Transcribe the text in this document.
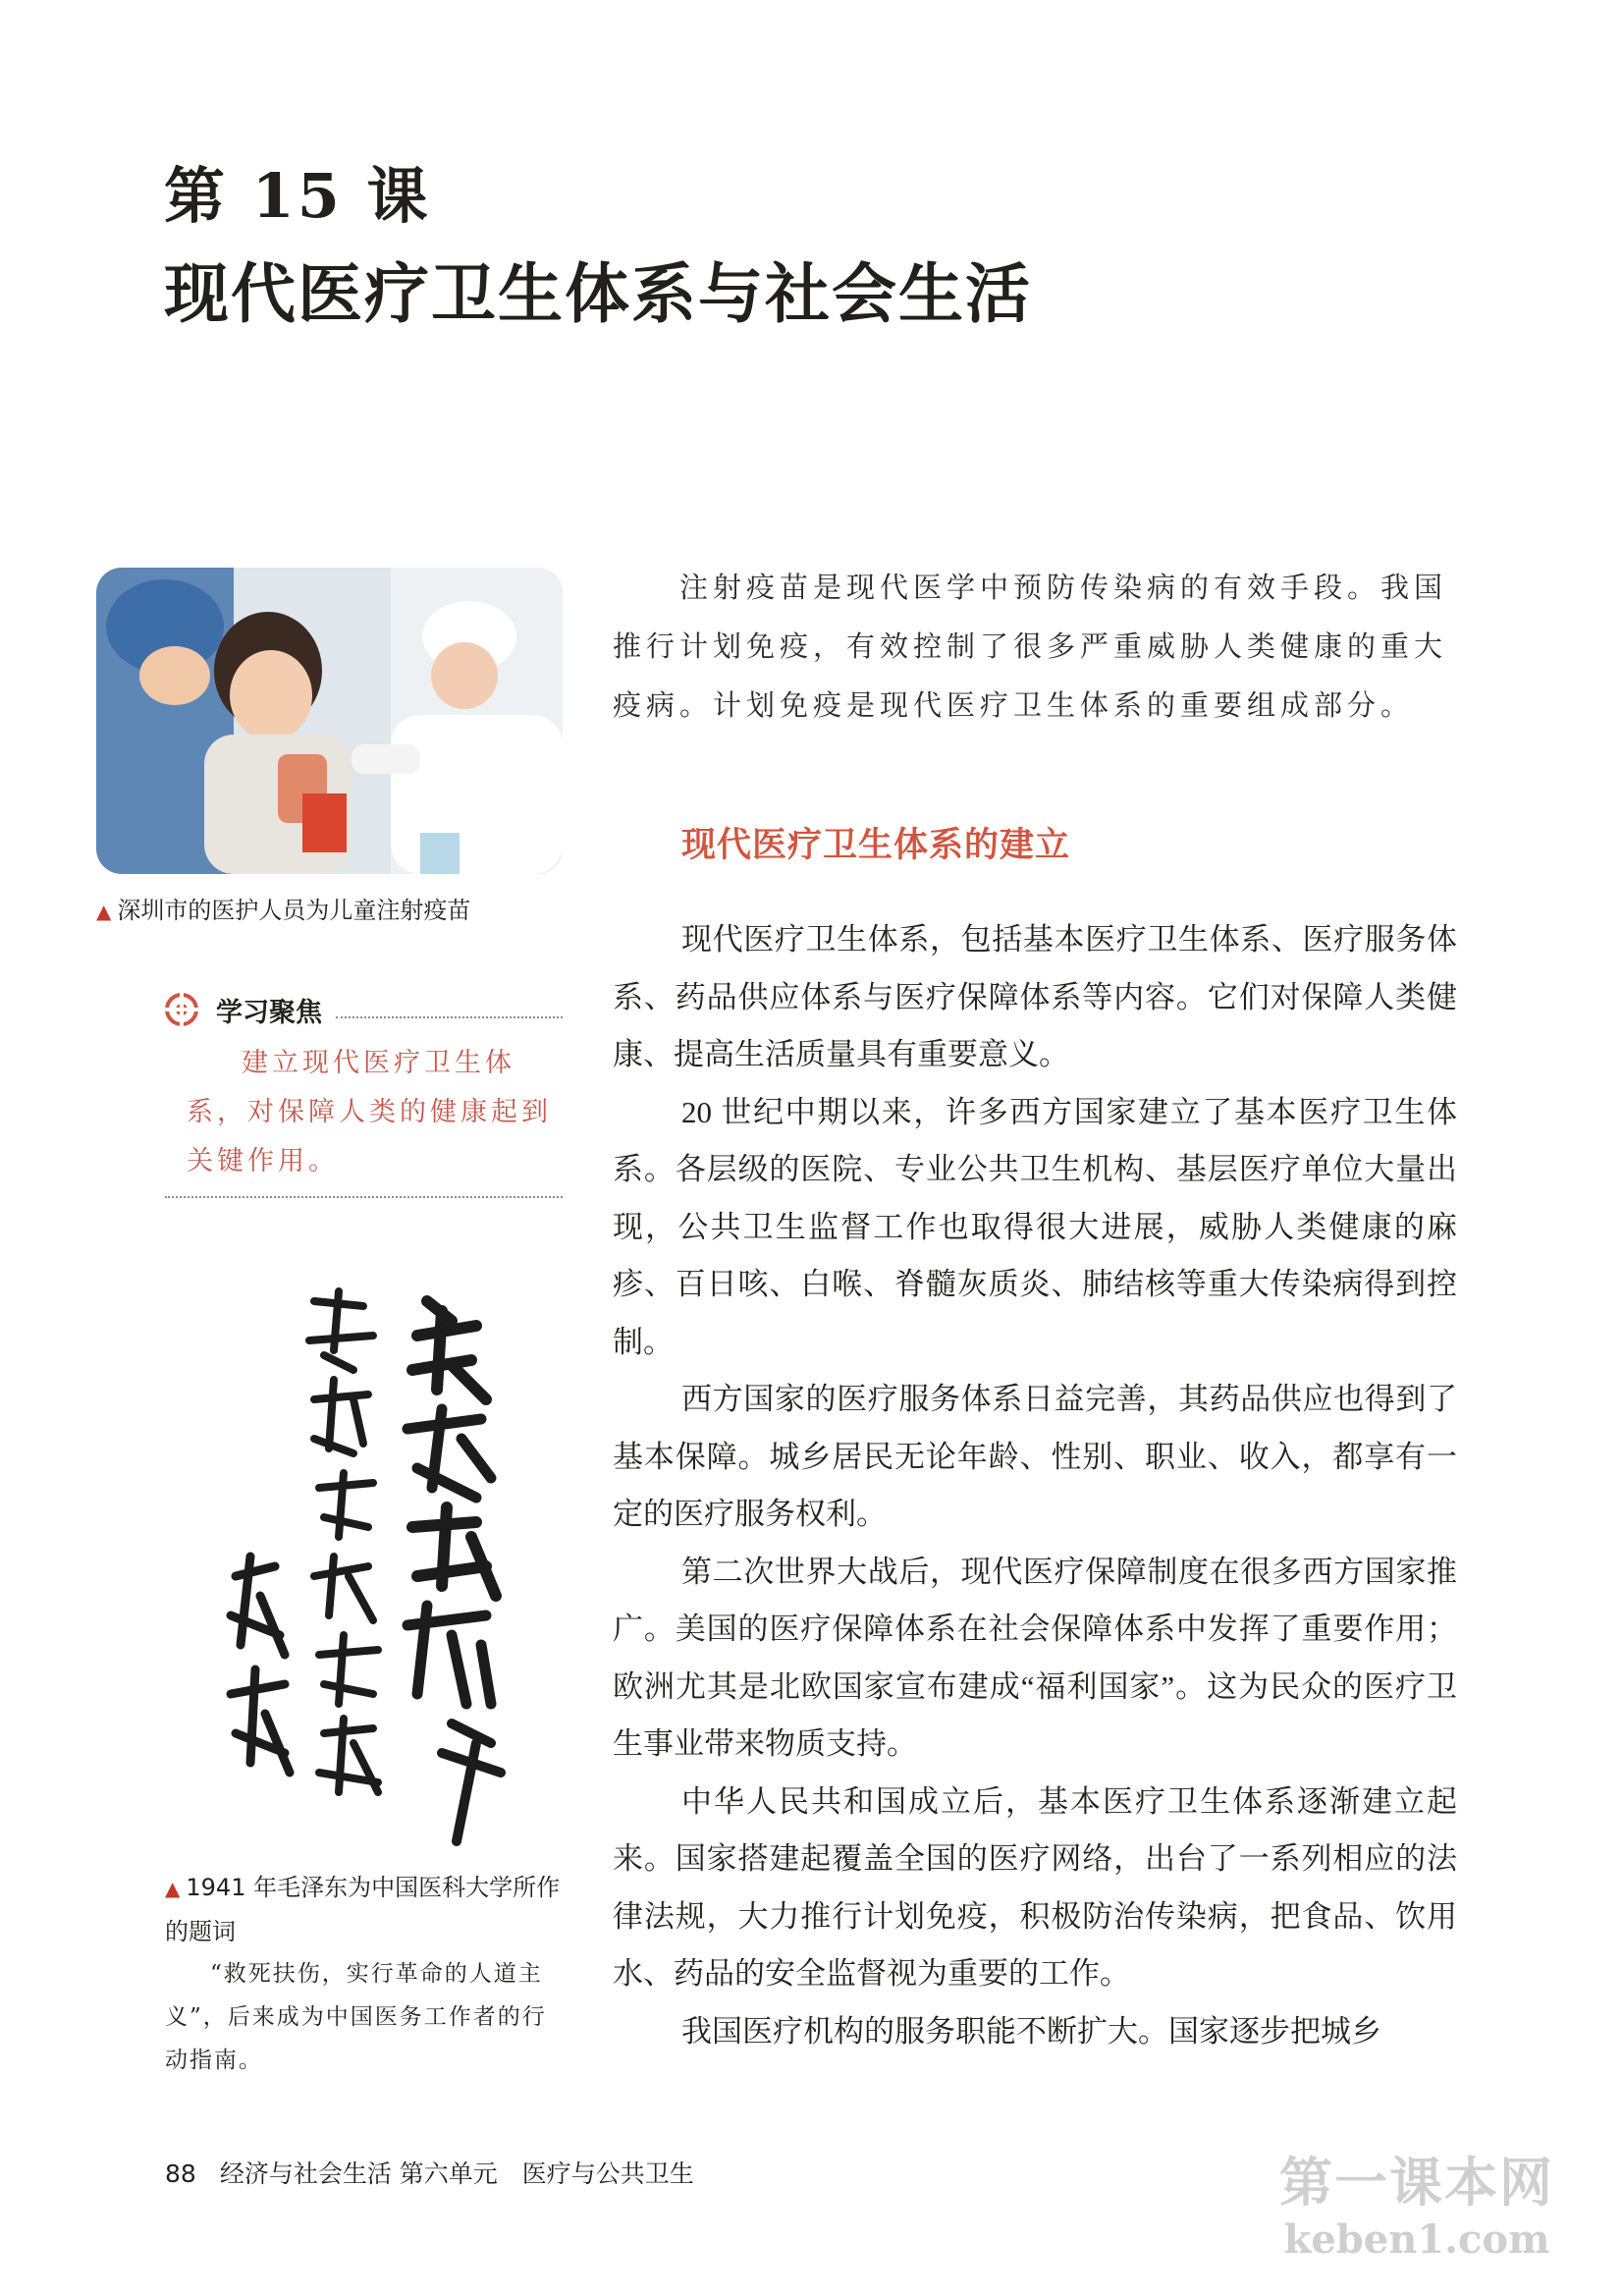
第 15 课
现代医疗卫生体系与社会生活
▲ 深圳市的医护人员为儿童注射疫苗
学习聚焦
建立现代医疗卫生体系，对保障人类的健康起到关键作用。
▲ 1941 年毛泽东为中国医科大学所作的题词
“救死扶伤，实行革命的人道主义”，后来成为中国医务工作者的行动指南。
注射疫苗是现代医学中预防传染病的有效手段。我国推行计划免疫，有效控制了很多严重威胁人类健康的重大疫病。计划免疫是现代医疗卫生体系的重要组成部分。
现代医疗卫生体系的建立

现代医疗卫生体系，包括基本医疗卫生体系、医疗服务体系、药品供应体系与医疗保障体系等内容。它们对保障人类健康、提高生活质量具有重要意义。

20 世纪中期以来，许多西方国家建立了基本医疗卫生体系。各层级的医院、专业公共卫生机构、基层医疗单位大量出现，公共卫生监督工作也取得很大进展，威胁人类健康的麻疹、百日咳、白喉、脊髓灰质炎、肺结核等重大传染病得到控制。

西方国家的医疗服务体系日益完善，其药品供应也得到了基本保障。城乡居民无论年龄、性别、职业、收入，都享有一定的医疗服务权利。

第二次世界大战后，现代医疗保障制度在很多西方国家推广。美国的医疗保障体系在社会保障体系中发挥了重要作用；欧洲尤其是北欧国家宣布建成“福利国家”。这为民众的医疗卫生事业带来物质支持。

中华人民共和国成立后，基本医疗卫生体系逐渐建立起来。国家搭建起覆盖全国的医疗网络，出台了一系列相应的法律法规，大力推行计划免疫，积极防治传染病，把食品、饮用水、药品的安全监督视为重要的工作。

我国医疗机构的服务职能不断扩大。国家逐步把城乡

88 经济与社会生活 第六单元　医疗与公共卫生	第一课本网
keben1.com
